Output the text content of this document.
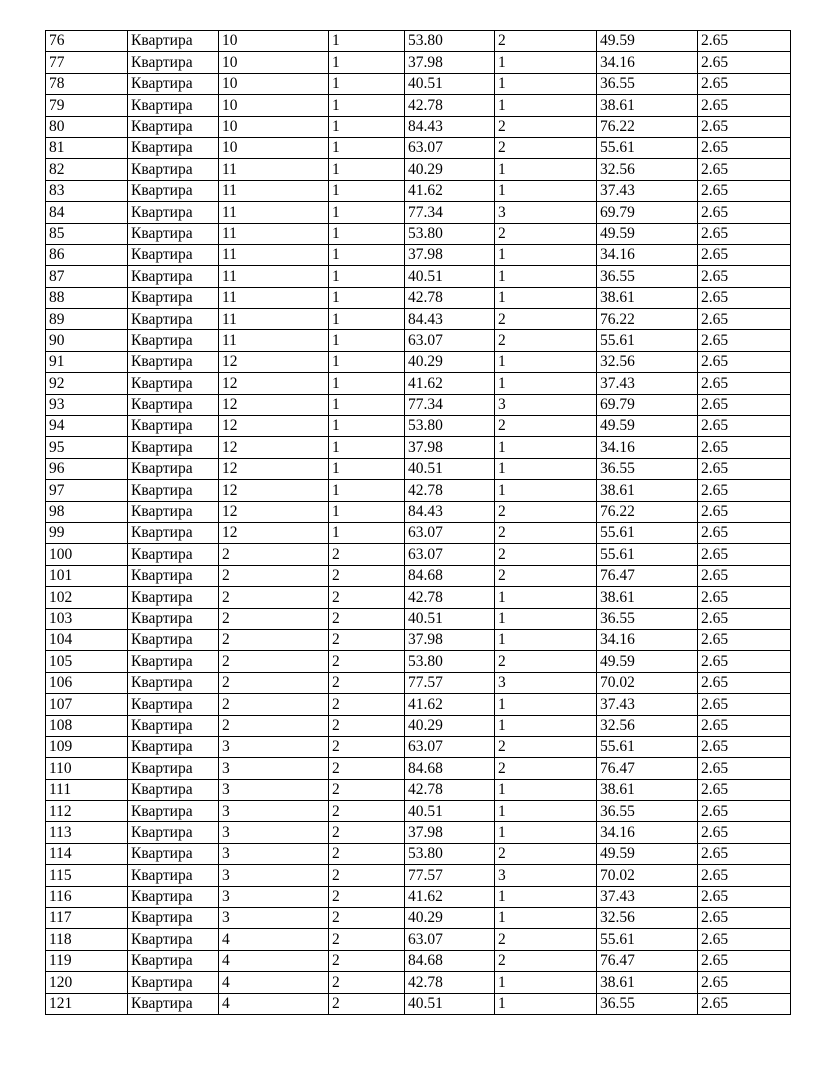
76	Квартира	10	1	53.80	2	49.59	2.65
77	Квартира	10	1	37.98	1	34.16	2.65
78	Квартира	10	1	40.51	1	36.55	2.65
79	Квартира	10	1	42.78	1	38.61	2.65
80	Квартира	10	1	84.43	2	76.22	2.65
81	Квартира	10	1	63.07	2	55.61	2.65
82	Квартира	11	1	40.29	1	32.56	2.65
83	Квартира	11	1	41.62	1	37.43	2.65
84	Квартира	11	1	77.34	3	69.79	2.65
85	Квартира	11	1	53.80	2	49.59	2.65
86	Квартира	11	1	37.98	1	34.16	2.65
87	Квартира	11	1	40.51	1	36.55	2.65
88	Квартира	11	1	42.78	1	38.61	2.65
89	Квартира	11	1	84.43	2	76.22	2.65
90	Квартира	11	1	63.07	2	55.61	2.65
91	Квартира	12	1	40.29	1	32.56	2.65
92	Квартира	12	1	41.62	1	37.43	2.65
93	Квартира	12	1	77.34	3	69.79	2.65
94	Квартира	12	1	53.80	2	49.59	2.65
95	Квартира	12	1	37.98	1	34.16	2.65
96	Квартира	12	1	40.51	1	36.55	2.65
97	Квартира	12	1	42.78	1	38.61	2.65
98	Квартира	12	1	84.43	2	76.22	2.65
99	Квартира	12	1	63.07	2	55.61	2.65
100	Квартира	2	2	63.07	2	55.61	2.65
101	Квартира	2	2	84.68	2	76.47	2.65
102	Квартира	2	2	42.78	1	38.61	2.65
103	Квартира	2	2	40.51	1	36.55	2.65
104	Квартира	2	2	37.98	1	34.16	2.65
105	Квартира	2	2	53.80	2	49.59	2.65
106	Квартира	2	2	77.57	3	70.02	2.65
107	Квартира	2	2	41.62	1	37.43	2.65
108	Квартира	2	2	40.29	1	32.56	2.65
109	Квартира	3	2	63.07	2	55.61	2.65
110	Квартира	3	2	84.68	2	76.47	2.65
111	Квартира	3	2	42.78	1	38.61	2.65
112	Квартира	3	2	40.51	1	36.55	2.65
113	Квартира	3	2	37.98	1	34.16	2.65
114	Квартира	3	2	53.80	2	49.59	2.65
115	Квартира	3	2	77.57	3	70.02	2.65
116	Квартира	3	2	41.62	1	37.43	2.65
117	Квартира	3	2	40.29	1	32.56	2.65
118	Квартира	4	2	63.07	2	55.61	2.65
119	Квартира	4	2	84.68	2	76.47	2.65
120	Квартира	4	2	42.78	1	38.61	2.65
121	Квартира	4	2	40.51	1	36.55	2.65
